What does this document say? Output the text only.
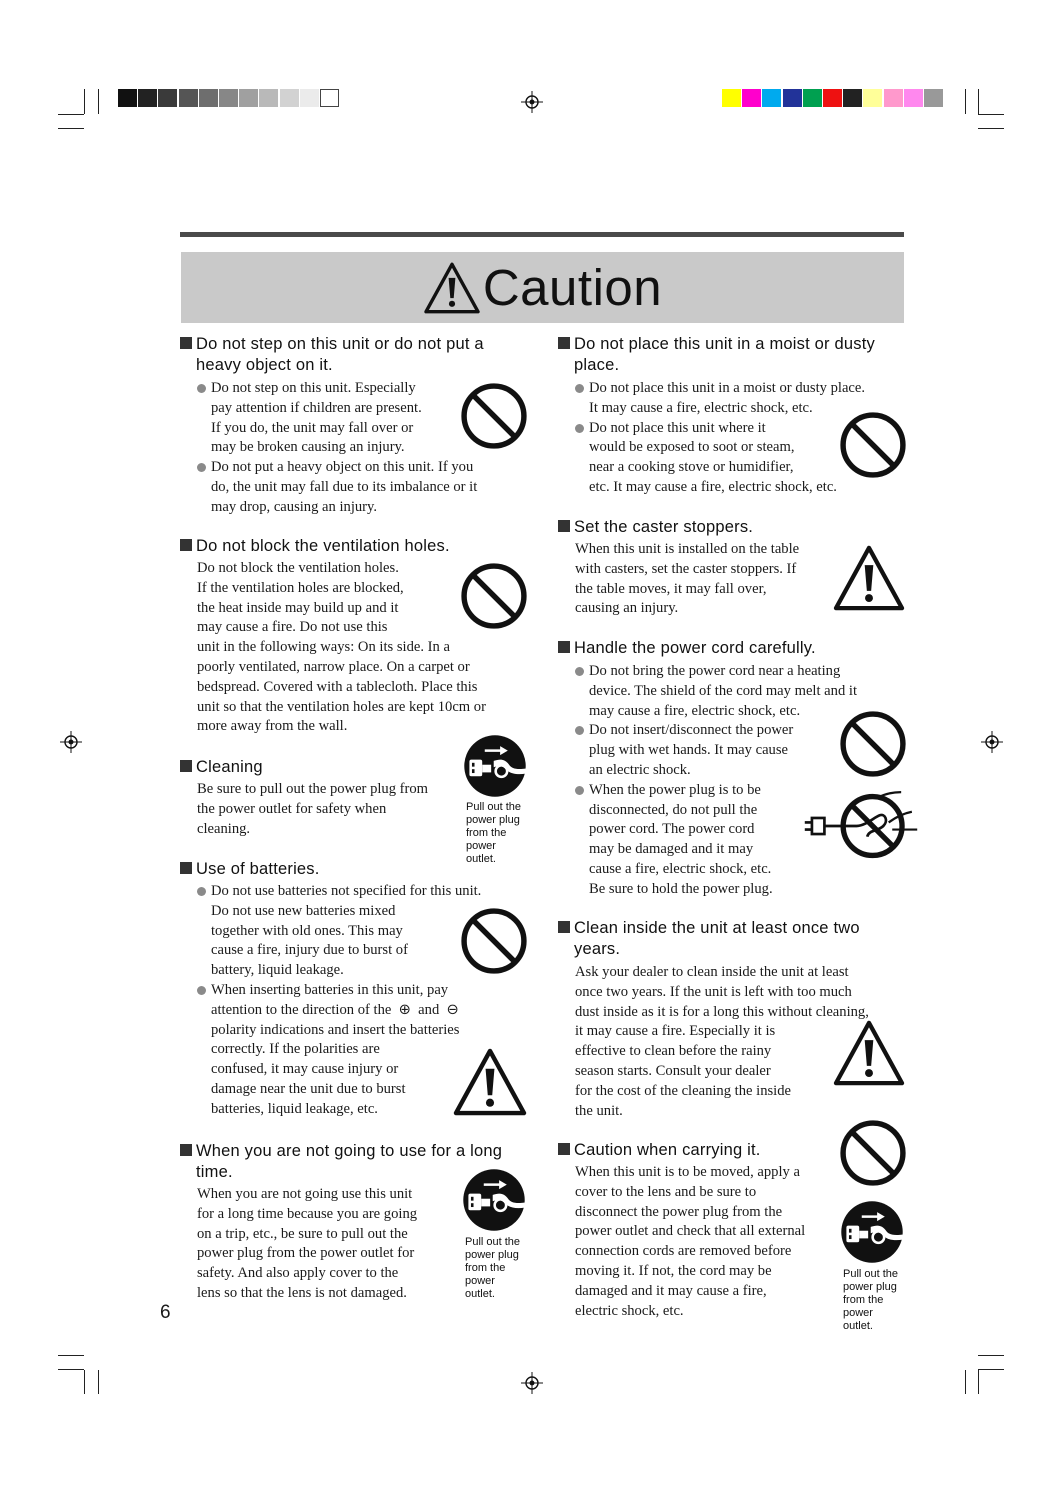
Caution
Do not step on this unit or do not put a heavy object on it.
Do not step on this unit. Especially
pay attention if children are present.
If you do, the unit may fall over or
may be broken causing an injury.
Do not put a heavy object on this unit. If you
do, the unit may fall due to its imbalance or it
may drop, causing an injury.
Do not block the ventilation holes.
Do not block the ventilation holes.
If the ventilation holes are blocked,
the heat inside may build up and it
may cause a fire. Do not use this
unit in the following ways: On its side. In a
poorly ventilated, narrow place. On a carpet or
bedspread. Covered with a tablecloth. Place this
unit so that the ventilation holes are kept 10cm or
more away from the wall.
Cleaning
Be sure to pull out the power plug from
the power outlet for safety when
cleaning.
Pull out the
power plug
from the
power
outlet.
Use of batteries.
Do not use batteries not specified for this unit.
Do not use new batteries mixed
together with old ones. This may
cause a fire, injury due to burst of
battery, liquid leakage.
When inserting batteries in this unit, pay
attention to the direction of the ⊕ and ⊖
polarity indications and insert the batteries
correctly. If the polarities are
confused, it may cause injury or
damage near the unit due to burst
batteries, liquid leakage, etc.
When you are not going to use for a long time.
When you are not going use this unit
for a long time because you are going
on a trip, etc., be sure to pull out the
power plug from the power outlet for
safety. And also apply cover to the
lens so that the lens is not damaged.
Pull out the
power plug
from the
power
outlet.
6
Do not place this unit in a moist or dusty place.
Do not place this unit in a moist or dusty place.
It may cause a fire, electric shock, etc.
Do not place this unit where it
would be exposed to soot or steam,
near a cooking stove or humidifier,
etc. It may cause a fire, electric shock, etc.
Set the caster stoppers.
When this unit is installed on the table
with casters, set the caster stoppers. If
the table moves, it may fall over,
causing an injury.
Handle the power cord carefully.
Do not bring the power cord near a heating
device. The shield of the cord may melt and it
may cause a fire, electric shock, etc.
Do not insert/disconnect the power
plug with wet hands. It may cause
an electric shock.
When the power plug is to be
disconnected, do not pull the
power cord. The power cord
may be damaged and it may
cause a fire, electric shock, etc.
Be sure to hold the power plug.
Clean inside the unit at least once two years.
Ask your dealer to clean inside the unit at least
once two years. If the unit is left with too much
dust inside as it is for a long this without cleaning,
it may cause a fire. Especially it is
effective to clean before the rainy
season starts. Consult your dealer
for the cost of the cleaning the inside
the unit.
Caution when carrying it.
When this unit is to be moved, apply a
cover to the lens and be sure to
disconnect the power plug from the
power outlet and check that all external
connection cords are removed before
moving it. If not, the cord may be
damaged and it may cause a fire,
electric shock, etc.
Pull out the
power plug
from the
power
outlet.
